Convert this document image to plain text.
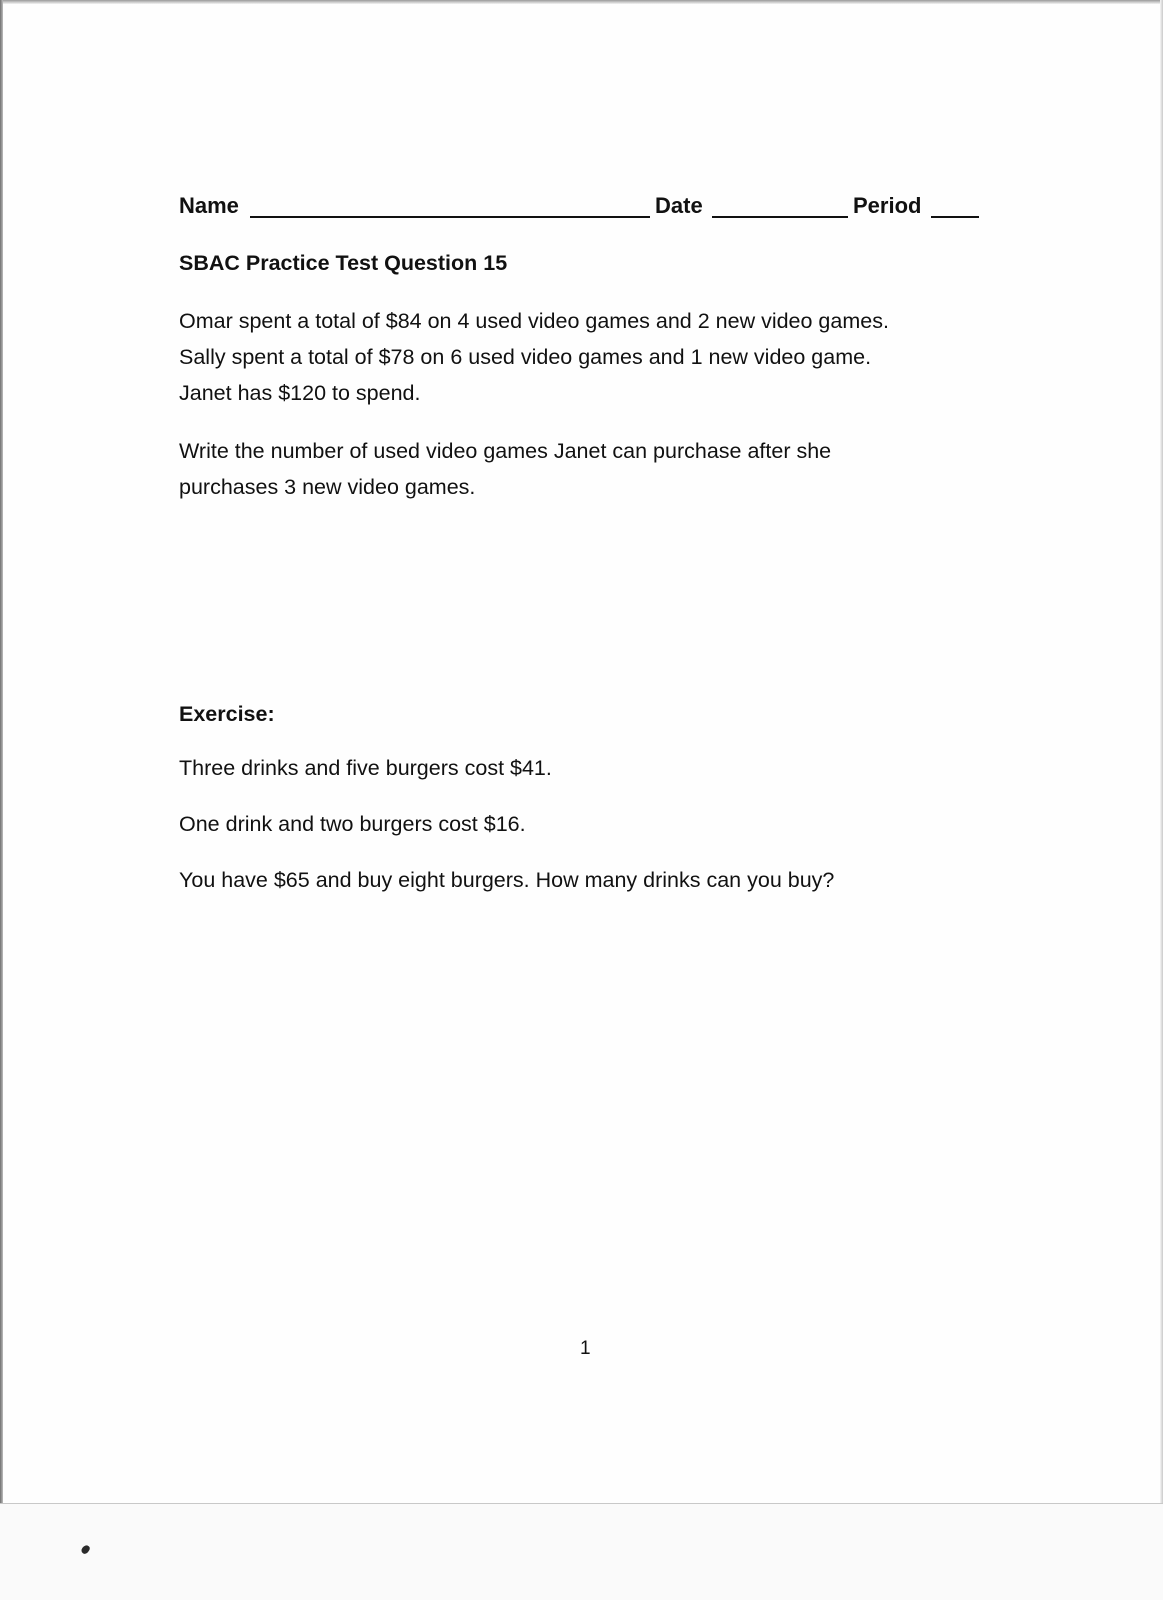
Name	Date	Period

SBAC Practice Test Question 15

Omar spent a total of $84 on 4 used video games and 2 new video games.

Sally spent a total of $78 on 6 used video games and 1 new video game.

Janet has $120 to spend.

Write the number of used video games Janet can purchase after she

purchases 3 new video games.

Exercise:

Three drinks and five burgers cost $41.

One drink and two burgers cost $16.

You have $65 and buy eight burgers. How many drinks can you buy?

1
